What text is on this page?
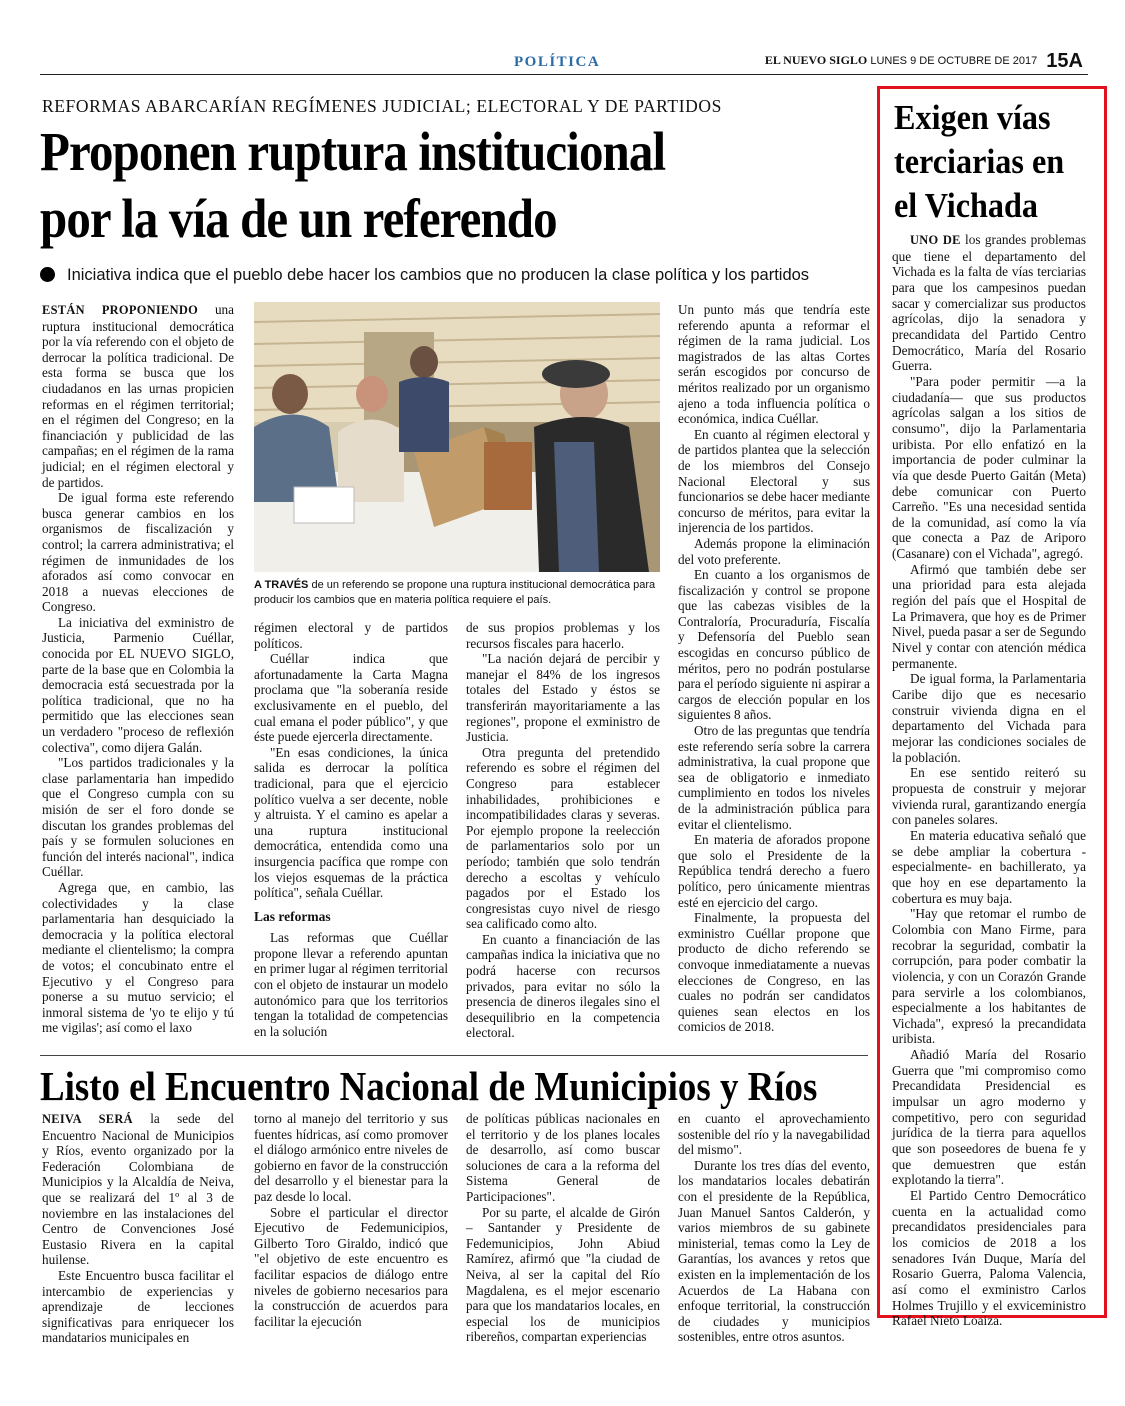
POLÍTICA	EL NUEVO SIGLO LUNES 9 DE OCTUBRE DE 2017 15A
REFORMAS ABARCARÍAN REGÍMENES JUDICIAL; ELECTORAL Y DE PARTIDOS
Proponen ruptura institucional
por la vía de un referendo
Iniciativa indica que el pueblo debe hacer los cambios que no producen la clase política y los partidos

ESTÁN PROPONIENDO una ruptura institucional democrática por la vía referendo con el objeto de derrocar la política tradicional. De esta forma se busca que los ciudadanos en las urnas propicien reformas en el régimen territorial; en el régimen del Congreso; en la financiación y publicidad de las campañas; en el régimen de la rama judicial; en el régimen electoral y de partidos.

De igual forma este referendo busca generar cambios en los organismos de fiscalización y control; la carrera administrativa; el régimen de inmunidades de los aforados así como convocar en 2018 a nuevas elecciones de Congreso.

La iniciativa del exministro de Justicia, Parmenio Cuéllar, conocida por EL NUEVO SIGLO, parte de la base que en Colombia la democracia está secuestrada por la política tradicional, que no ha permitido que las elecciones sean un verdadero "proceso de reflexión colectiva", como dijera Galán.

"Los partidos tradicionales y la clase parlamentaria han impedido que el Congreso cumpla con su misión de ser el foro donde se discutan los grandes problemas del país y se formulen soluciones en función del interés nacional", indica Cuéllar.

Agrega que, en cambio, las colectividades y la clase parlamentaria han desquiciado la democracia y la política electoral mediante el clientelismo; la compra de votos; el concubinato entre el Ejecutivo y el Congreso para ponerse a su mutuo servicio; el inmoral sistema de 'yo te elijo y tú me vigilas'; así como el laxo

A TRAVÉS de un referendo se propone una ruptura institucional democrática para producir los cambios que en materia política requiere el país.

régimen electoral y de partidos políticos.

Cuéllar indica que afortunadamente la Carta Magna proclama que "la soberanía reside exclusivamente en el pueblo, del cual emana el poder público", y que éste puede ejercerla directamente.

"En esas condiciones, la única salida es derrocar la política tradicional, para que el ejercicio político vuelva a ser decente, noble y altruista. Y el camino es apelar a una ruptura institucional democrática, entendida como una insurgencia pacífica que rompe con los viejos esquemas de la práctica política", señala Cuéllar.

Las reformas

Las reformas que Cuéllar propone llevar a referendo apuntan en primer lugar al régimen territorial con el objeto de instaurar un modelo autonómico para que los territorios tengan la totalidad de competencias en la solución

de sus propios problemas y los recursos fiscales para hacerlo.

"La nación dejará de percibir y manejar el 84% de los ingresos totales del Estado y éstos se transferirán mayoritariamente a las regiones", propone el exministro de Justicia.

Otra pregunta del pretendido referendo es sobre el régimen del Congreso para establecer inhabilidades, prohibiciones e incompatibilidades claras y severas. Por ejemplo propone la reelección de parlamentarios solo por un período; también que solo tendrán derecho a escoltas y vehículo pagados por el Estado los congresistas cuyo nivel de riesgo sea calificado como alto.

En cuanto a financiación de las campañas indica la iniciativa que no podrá hacerse con recursos privados, para evitar no sólo la presencia de dineros ilegales sino el desequilibrio en la competencia electoral.

Un punto más que tendría este referendo apunta a reformar el régimen de la rama judicial. Los magistrados de las altas Cortes serán escogidos por concurso de méritos realizado por un organismo ajeno a toda influencia política o económica, indica Cuéllar.

En cuanto al régimen electoral y de partidos plantea que la selección de los miembros del Consejo Nacional Electoral y sus funcionarios se debe hacer mediante concurso de méritos, para evitar la injerencia de los partidos.

Además propone la eliminación del voto preferente.

En cuanto a los organismos de fiscalización y control se propone que las cabezas visibles de la Contraloría, Procuraduría, Fiscalía y Defensoría del Pueblo sean escogidas en concurso público de méritos, pero no podrán postularse para el período siguiente ni aspirar a cargos de elección popular en los siguientes 8 años.

Otro de las preguntas que tendría este referendo sería sobre la carrera administrativa, la cual propone que sea de obligatorio e inmediato cumplimiento en todos los niveles de la administración pública para evitar el clientelismo.

En materia de aforados propone que solo el Presidente de la República tendrá derecho a fuero político, pero únicamente mientras esté en ejercicio del cargo.

Finalmente, la propuesta del exministro Cuéllar propone que producto de dicho referendo se convoque inmediatamente a nuevas elecciones de Congreso, en las cuales no podrán ser candidatos quienes sean electos en los comicios de 2018.

Listo el Encuentro Nacional de Municipios y Ríos

NEIVA SERÁ la sede del Encuentro Nacional de Municipios y Ríos, evento organizado por la Federación Colombiana de Municipios y la Alcaldía de Neiva, que se realizará del 1º al 3 de noviembre en las instalaciones del Centro de Convenciones José Eustasio Rivera en la capital huilense.

Este Encuentro busca facilitar el intercambio de experiencias y aprendizaje de lecciones significativas para enriquecer los mandatarios municipales en

torno al manejo del territorio y sus fuentes hídricas, así como promover el diálogo armónico entre niveles de gobierno en favor de la construcción del desarrollo y el bienestar para la paz desde lo local.

Sobre el particular el director Ejecutivo de Fedemunicipios, Gilberto Toro Giraldo, indicó que "el objetivo de este encuentro es facilitar espacios de diálogo entre niveles de gobierno necesarios para la construcción de acuerdos para facilitar la ejecución

de políticas públicas nacionales en el territorio y de los planes locales de desarrollo, así como buscar soluciones de cara a la reforma del Sistema General de Participaciones".

Por su parte, el alcalde de Girón – Santander y Presidente de Fedemunicipios, John Abiud Ramírez, afirmó que "la ciudad de Neiva, al ser la capital del Río Magdalena, es el mejor escenario para que los mandatarios locales, en especial los de municipios ribereños, compartan experiencias

en cuanto el aprovechamiento sostenible del río y la navegabilidad del mismo".

Durante los tres días del evento, los mandatarios locales debatirán con el presidente de la República, Juan Manuel Santos Calderón, y varios miembros de su gabinete ministerial, temas como la Ley de Garantías, los avances y retos que existen en la implementación de los Acuerdos de La Habana con enfoque territorial, la construcción de ciudades y municipios sostenibles, entre otros asuntos.

Exigen vías
terciarias en
el Vichada

UNO DE los grandes problemas que tiene el departamento del Vichada es la falta de vías terciarias para que los campesinos puedan sacar y comercializar sus productos agrícolas, dijo la senadora y precandidata del Partido Centro Democrático, María del Rosario Guerra.

"Para poder permitir —a la ciudadanía— que sus productos agrícolas salgan a los sitios de consumo", dijo la Parlamentaria uribista. Por ello enfatizó en la importancia de poder culminar la vía que desde Puerto Gaitán (Meta) debe comunicar con Puerto Carreño. "Es una necesidad sentida de la comunidad, así como la vía que conecta a Paz de Ariporo (Casanare) con el Vichada", agregó.

Afirmó que también debe ser una prioridad para esta alejada región del país que el Hospital de La Primavera, que hoy es de Primer Nivel, pueda pasar a ser de Segundo Nivel y contar con atención médica permanente.

De igual forma, la Parlamentaria Caribe dijo que es necesario construir vivienda digna en el departamento del Vichada para mejorar las condiciones sociales de la población.

En ese sentido reiteró su propuesta de construir y mejorar vivienda rural, garantizando energía con paneles solares.

En materia educativa señaló que se debe ampliar la cobertura -especialmente- en bachillerato, ya que hoy en ese departamento la cobertura es muy baja.

"Hay que retomar el rumbo de Colombia con Mano Firme, para recobrar la seguridad, combatir la corrupción, para poder combatir la violencia, y con un Corazón Grande para servirle a los colombianos, especialmente a los habitantes de Vichada", expresó la precandidata uribista.

Añadió María del Rosario Guerra que "mi compromiso como Precandidata Presidencial es impulsar un agro moderno y competitivo, pero con seguridad jurídica de la tierra para aquellos que son poseedores de buena fe y que demuestren que están explotando la tierra".

El Partido Centro Democrático cuenta en la actualidad como precandidatos presidenciales para los comicios de 2018 a los senadores Iván Duque, María del Rosario Guerra, Paloma Valencia, así como el exministro Carlos Holmes Trujillo y el exviceministro Rafael Nieto Loaiza.
